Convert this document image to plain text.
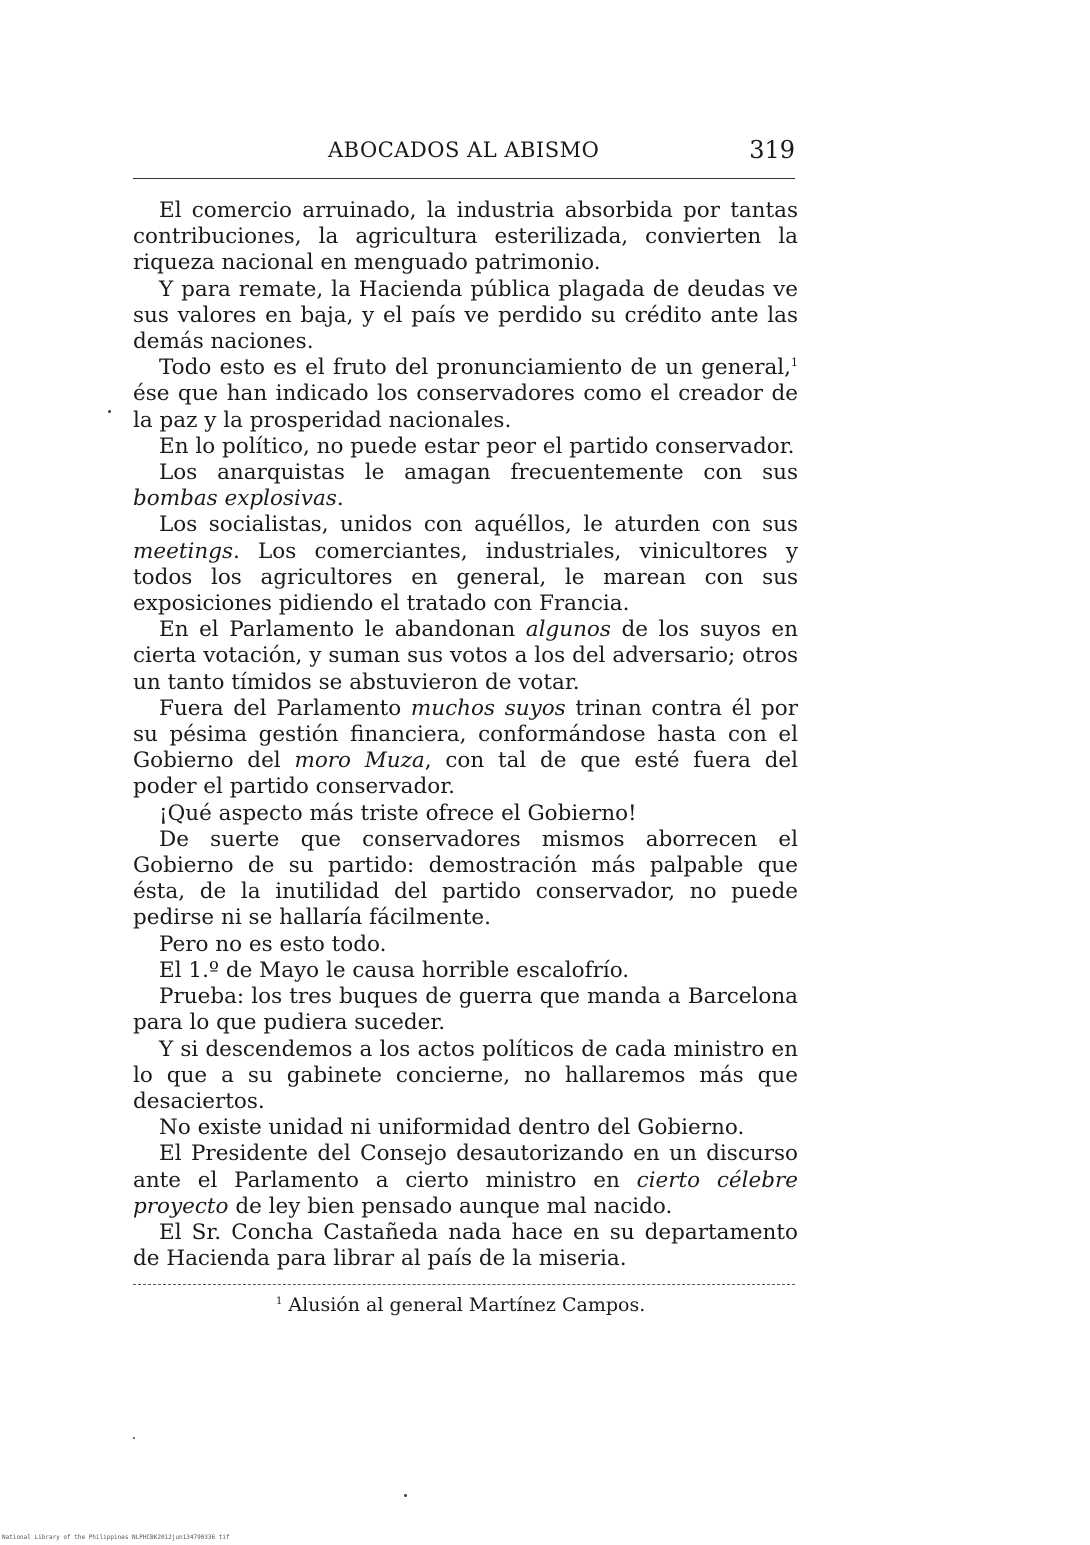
ABOCADOS AL ABISMO	319

El comercio arruinado, la industria absorbida por tantas contribuciones, la agricultura esterilizada, convierten la riqueza nacional en menguado patrimonio.

Y para remate, la Hacienda pública plagada de deudas ve sus valores en baja, y el país ve perdido su crédito ante las demás naciones.

Todo esto es el fruto del pronunciamiento de un general,$^1$ ése que han indicado los conservadores como el creador de la paz y la prosperidad nacionales.

En lo político, no puede estar peor el partido conservador.

Los anarquistas le amagan frecuentemente con sus bombas explosivas.

Los socialistas, unidos con aquéllos, le aturden con sus meetings. Los comerciantes, industriales, vinicultores y todos los agricultores en general, le marean con sus exposiciones pidiendo el tratado con Francia.

En el Parlamento le abandonan algunos de los suyos en cierta votación, y suman sus votos a los del adversario; otros un tanto tímidos se abstuvieron de votar.

Fuera del Parlamento muchos suyos trinan contra él por su pésima gestión financiera, conformándose hasta con el Gobierno del moro Muza, con tal de que esté fuera del poder el partido conservador.

¡Qué aspecto más triste ofrece el Gobierno!

De suerte que conservadores mismos aborrecen el Gobierno de su partido: demostración más palpable que ésta, de la inutilidad del partido conservador, no puede pedirse ni se hallaría fácilmente.

Pero no es esto todo.

El 1.º de Mayo le causa horrible escalofrío.

Prueba: los tres buques de guerra que manda a Barcelona para lo que pudiera suceder.

Y si descendemos a los actos políticos de cada ministro en lo que a su gabinete concierne, no hallaremos más que desaciertos.

No existe unidad ni uniformidad dentro del Gobierno.

El Presidente del Consejo desautorizando en un discurso ante el Parlamento a cierto ministro en cierto célebre proyecto de ley bien pensado aunque mal nacido.

El Sr. Concha Castañeda nada hace en su departamento de Hacienda para librar al país de la miseria.

$^1$ Alusión al general Martínez Campos.
National Library of the Philippines NLPHCBK2012jun134790336 tif
